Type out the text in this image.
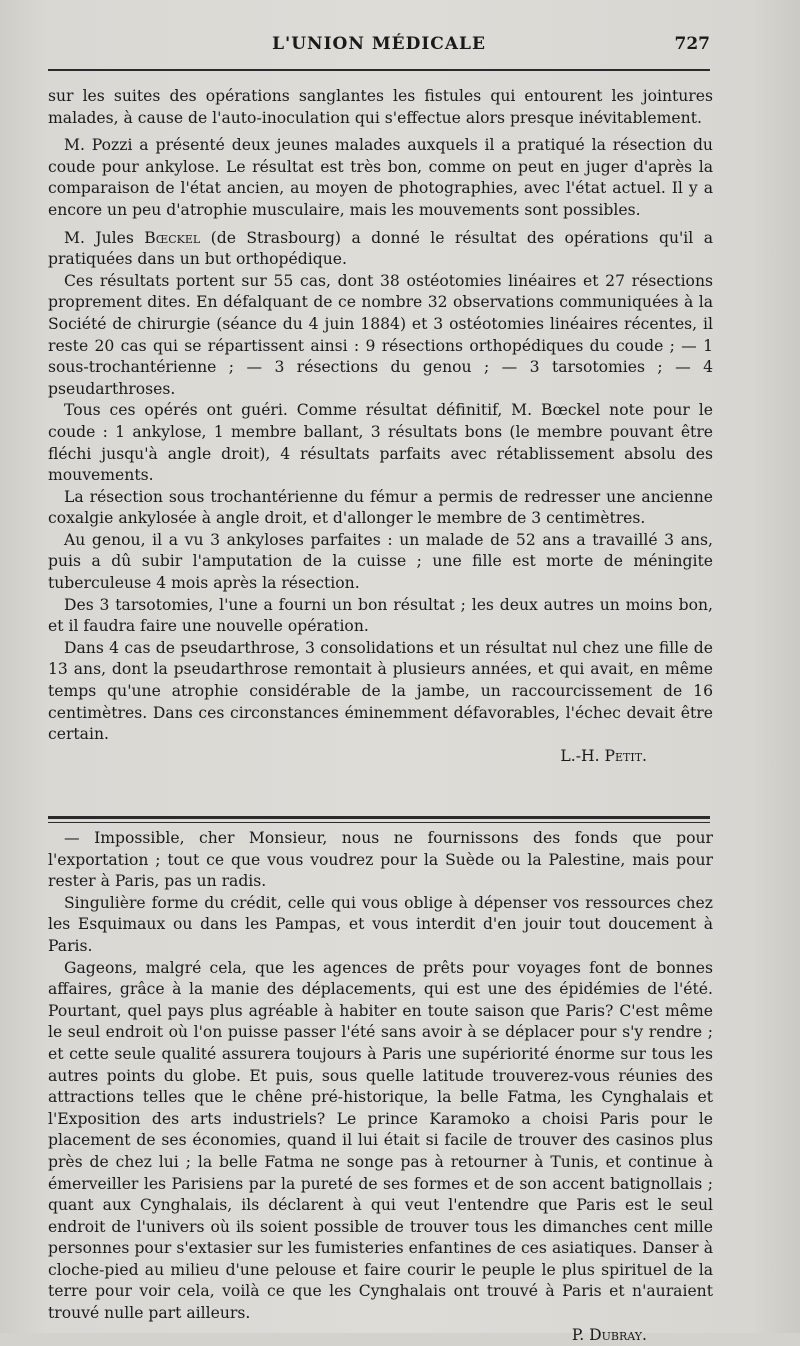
L'UNION MÉDICALE	727

sur les suites des opérations sanglantes les fistules qui entourent les jointures malades, à cause de l'auto-inoculation qui s'effectue alors presque inévitablement.

M. Pozzi a présenté deux jeunes malades auxquels il a pratiqué la résection du coude pour ankylose. Le résultat est très bon, comme on peut en juger d'après la comparaison de l'état ancien, au moyen de photographies, avec l'état actuel. Il y a encore un peu d'atrophie musculaire, mais les mouvements sont possibles.

M. Jules Bœckel (de Strasbourg) a donné le résultat des opérations qu'il a pratiquées dans un but orthopédique.

Ces résultats portent sur 55 cas, dont 38 ostéotomies linéaires et 27 résections proprement dites. En défalquant de ce nombre 32 observations communiquées à la Société de chirurgie (séance du 4 juin 1884) et 3 ostéotomies linéaires récentes, il reste 20 cas qui se répartissent ainsi : 9 résections orthopédiques du coude ; — 1 sous-trochantérienne ; — 3 résections du genou ; — 3 tarsotomies ; — 4 pseudarthroses.

Tous ces opérés ont guéri. Comme résultat définitif, M. Bœckel note pour le coude : 1 ankylose, 1 membre ballant, 3 résultats bons (le membre pouvant être fléchi jusqu'à angle droit), 4 résultats parfaits avec rétablissement absolu des mouvements.

La résection sous trochantérienne du fémur a permis de redresser une ancienne coxalgie ankylosée à angle droit, et d'allonger le membre de 3 centimètres.

Au genou, il a vu 3 ankyloses parfaites : un malade de 52 ans a travaillé 3 ans, puis a dû subir l'amputation de la cuisse ; une fille est morte de méningite tuberculeuse 4 mois après la résection.

Des 3 tarsotomies, l'une a fourni un bon résultat ; les deux autres un moins bon, et il faudra faire une nouvelle opération.

Dans 4 cas de pseudarthrose, 3 consolidations et un résultat nul chez une fille de 13 ans, dont la pseudarthrose remontait à plusieurs années, et qui avait, en même temps qu'une atrophie considérable de la jambe, un raccourcissement de 16 centimètres. Dans ces circonstances éminemment défavorables, l'échec devait être certain.

L.-H. Petit.

— Impossible, cher Monsieur, nous ne fournissons des fonds que pour l'exportation ; tout ce que vous voudrez pour la Suède ou la Palestine, mais pour rester à Paris, pas un radis.

Singulière forme du crédit, celle qui vous oblige à dépenser vos ressources chez les Esquimaux ou dans les Pampas, et vous interdit d'en jouir tout doucement à Paris.

Gageons, malgré cela, que les agences de prêts pour voyages font de bonnes affaires, grâce à la manie des déplacements, qui est une des épidémies de l'été. Pourtant, quel pays plus agréable à habiter en toute saison que Paris? C'est même le seul endroit où l'on puisse passer l'été sans avoir à se déplacer pour s'y rendre ; et cette seule qualité assurera toujours à Paris une supériorité énorme sur tous les autres points du globe. Et puis, sous quelle latitude trouverez-vous réunies des attractions telles que le chêne pré-historique, la belle Fatma, les Cynghalais et l'Exposition des arts industriels? Le prince Karamoko a choisi Paris pour le placement de ses économies, quand il lui était si facile de trouver des casinos plus près de chez lui ; la belle Fatma ne songe pas à retourner à Tunis, et continue à émerveiller les Parisiens par la pureté de ses formes et de son accent batignollais ; quant aux Cynghalais, ils déclarent à qui veut l'entendre que Paris est le seul endroit de l'univers où ils soient possible de trouver tous les dimanches cent mille personnes pour s'extasier sur les fumisteries enfantines de ces asiatiques. Danser à cloche-pied au milieu d'une pelouse et faire courir le peuple le plus spirituel de la terre pour voir cela, voilà ce que les Cynghalais ont trouvé à Paris et n'auraient trouvé nulle part ailleurs.

P. Dubray.
